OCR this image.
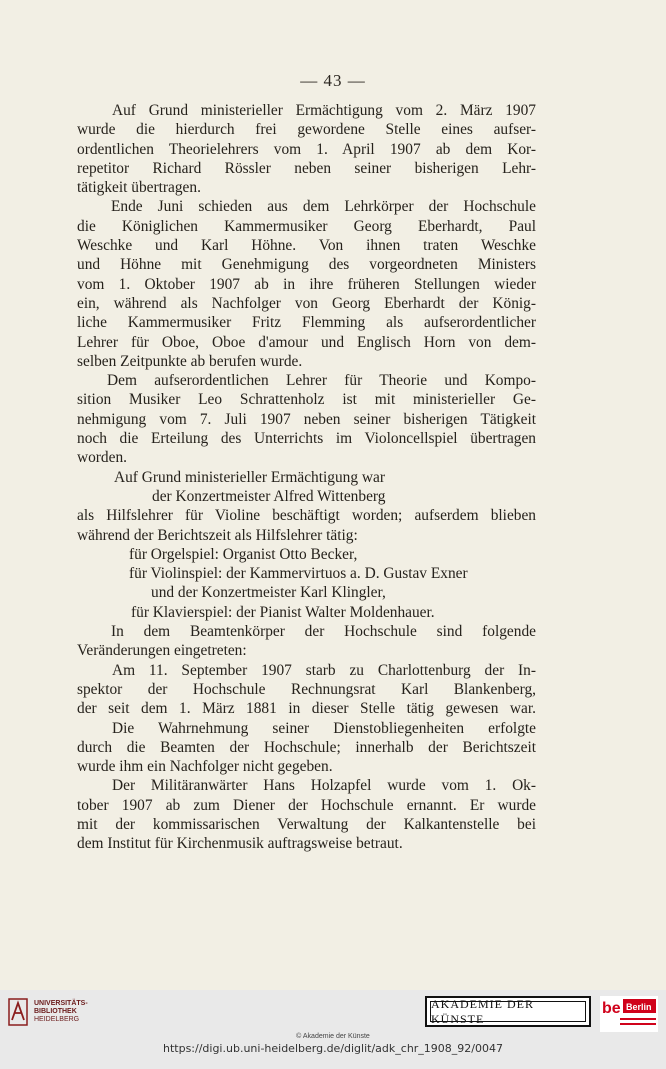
— 43 —
Auf Grund ministerieller Ermächtigung vom 2. März 1907
wurde die hierdurch frei gewordene Stelle eines aufser-
ordentlichen Theorielehrers vom 1. April 1907 ab dem Kor-
repetitor Richard Rössler neben seiner bisherigen Lehr-
tätigkeit übertragen.
Ende Juni schieden aus dem Lehrkörper der Hochschule
die Königlichen Kammermusiker Georg Eberhardt, Paul
Weschke und Karl Höhne. Von ihnen traten Weschke
und Höhne mit Genehmigung des vorgeordneten Ministers
vom 1. Oktober 1907 ab in ihre früheren Stellungen wieder
ein, während als Nachfolger von Georg Eberhardt der König-
liche Kammermusiker Fritz Flemming als aufserordentlicher
Lehrer für Oboe, Oboe d'amour und Englisch Horn von dem-
selben Zeitpunkte ab berufen wurde.
Dem aufserordentlichen Lehrer für Theorie und Kompo-
sition Musiker Leo Schrattenholz ist mit ministerieller Ge-
nehmigung vom 7. Juli 1907 neben seiner bisherigen Tätigkeit
noch die Erteilung des Unterrichts im Violoncellspiel übertragen
worden.
Auf Grund ministerieller Ermächtigung war
der Konzertmeister Alfred Wittenberg
als Hilfslehrer für Violine beschäftigt worden; aufserdem blieben
während der Berichtszeit als Hilfslehrer tätig:
für Orgelspiel: Organist Otto Becker,
für Violinspiel: der Kammervirtuos a. D. Gustav Exner
und der Konzertmeister Karl Klingler,
für Klavierspiel: der Pianist Walter Moldenhauer.
In dem Beamtenkörper der Hochschule sind folgende
Veränderungen eingetreten:
Am 11. September 1907 starb zu Charlottenburg der In-
spektor der Hochschule Rechnungsrat Karl Blankenberg,
der seit dem 1. März 1881 in dieser Stelle tätig gewesen war.
Die Wahrnehmung seiner Dienstobliegenheiten erfolgte
durch die Beamten der Hochschule; innerhalb der Berichtszeit
wurde ihm ein Nachfolger nicht gegeben.
Der Militäranwärter Hans Holzapfel wurde vom 1. Ok-
tober 1907 ab zum Diener der Hochschule ernannt. Er wurde
mit der kommissarischen Verwaltung der Kalkantenstelle bei
dem Institut für Kirchenmusik auftragsweise betraut.
UNIVERSITÄTS-
BIBLIOTHEK
HEIDELBERG
AKADEMIE DER KÜNSTE
be Berlin
© Akademie der Künste
https://digi.ub.uni-heidelberg.de/diglit/adk_chr_1908_92/0047
